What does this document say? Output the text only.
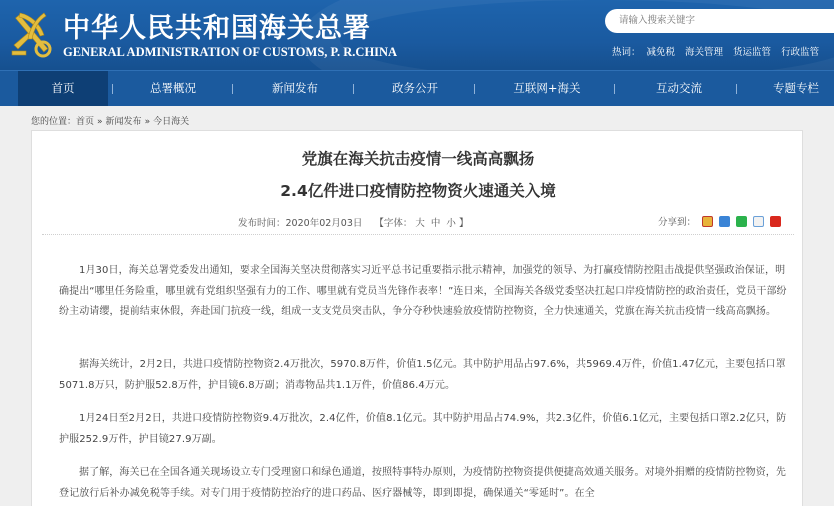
中华人民共和国海关总署
GENERAL ADMINISTRATION OF CUSTOMS, P. R.CHINA
请输入搜索关键字	热词： 减免税 海关管理 货运监管 行政监管
首页	总署概况	新闻发布	政务公开	互联网+海关	互动交流	专题专栏
您的位置：首页 » 新闻发布 » 今日海关
党旗在海关抗击疫情一线高高飘扬
2.4亿件进口疫情防控物资火速通关入境
发布时间：2020年02月03日 【字体： 大 中 小 】	分享到：

1月30日，海关总署党委发出通知，要求全国海关坚决贯彻落实习近平总书记重要指示批示精神，加强党的领导、为打赢疫情防控阻击战提供坚强政治保证，明确提出“哪里任务险重，哪里就有党组织坚强有力的工作、哪里就有党员当先锋作表率！”连日来，全国海关各级党委坚决扛起口岸疫情防控的政治责任，党员干部纷纷主动请缨，提前结束休假，奔赴国门抗疫一线，组成一支支党员突击队，争分夺秒快速验放疫情防控物资，全力快速通关，党旗在海关抗击疫情一线高高飘扬。

据海关统计，2月2日，共进口疫情防控物资2.4万批次，5970.8万件，价值1.5亿元。其中防护用品占97.6%，共5969.4万件，价值1.47亿元，主要包括口罩5071.8万只，防护服52.8万件，护目镜6.8万副；消毒物品共1.1万件，价值86.4万元。

1月24日至2月2日，共进口疫情防控物资9.4万批次，2.4亿件，价值8.1亿元。其中防护用品占74.9%，共2.3亿件，价值6.1亿元，主要包括口罩2.2亿只，防护服252.9万件，护目镜27.9万副。

据了解，海关已在全国各通关现场设立专门受理窗口和绿色通道，按照特事特办原则，为疫情防控物资提供便捷高效通关服务。对境外捐赠的疫情防控物资，先登记放行后补办减免税等手续。对专门用于疫情防控治疗的进口药品、医疗器械等，即到即提，确保通关“零延时”。在全
